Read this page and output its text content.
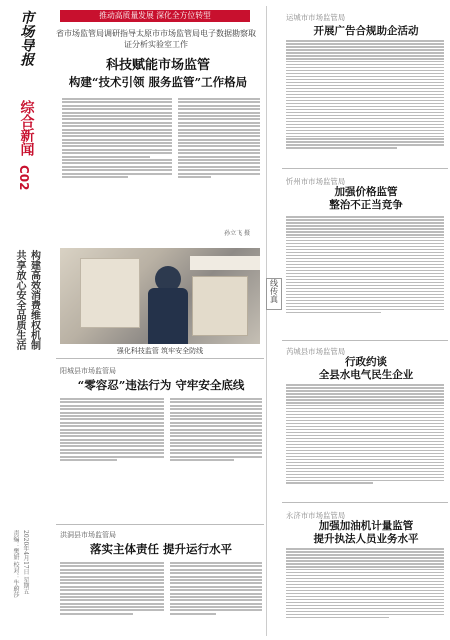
市场导报
综合新闻
C02
共享放心安全品质生活 构建高效消费维权机制
责编：樊妍 校对：牛蔚莎 2020年4月17日 星期五
推动高质量发展 深化全方位转型
省市场监管局调研指导太原市市场监管局电子数据勘察取证分析实验室工作
科技赋能市场监管
构建“技术引领 服务监管”工作格局
孙立飞 摄
强化科技监管 筑牢安全防线
阳城县市场监管局
“零容忍”违法行为 守牢安全底线
洪洞县市场监管局
落实主体责任 提升运行水平
线传真
运城市市场监管局
开展广告合规助企活动
忻州市市场监管局
加强价格监管
整治不正当竞争
芮城县市场监管局
行政约谈
全县水电气民生企业
永济市市场监管局
加强加油机计量监管
提升执法人员业务水平
